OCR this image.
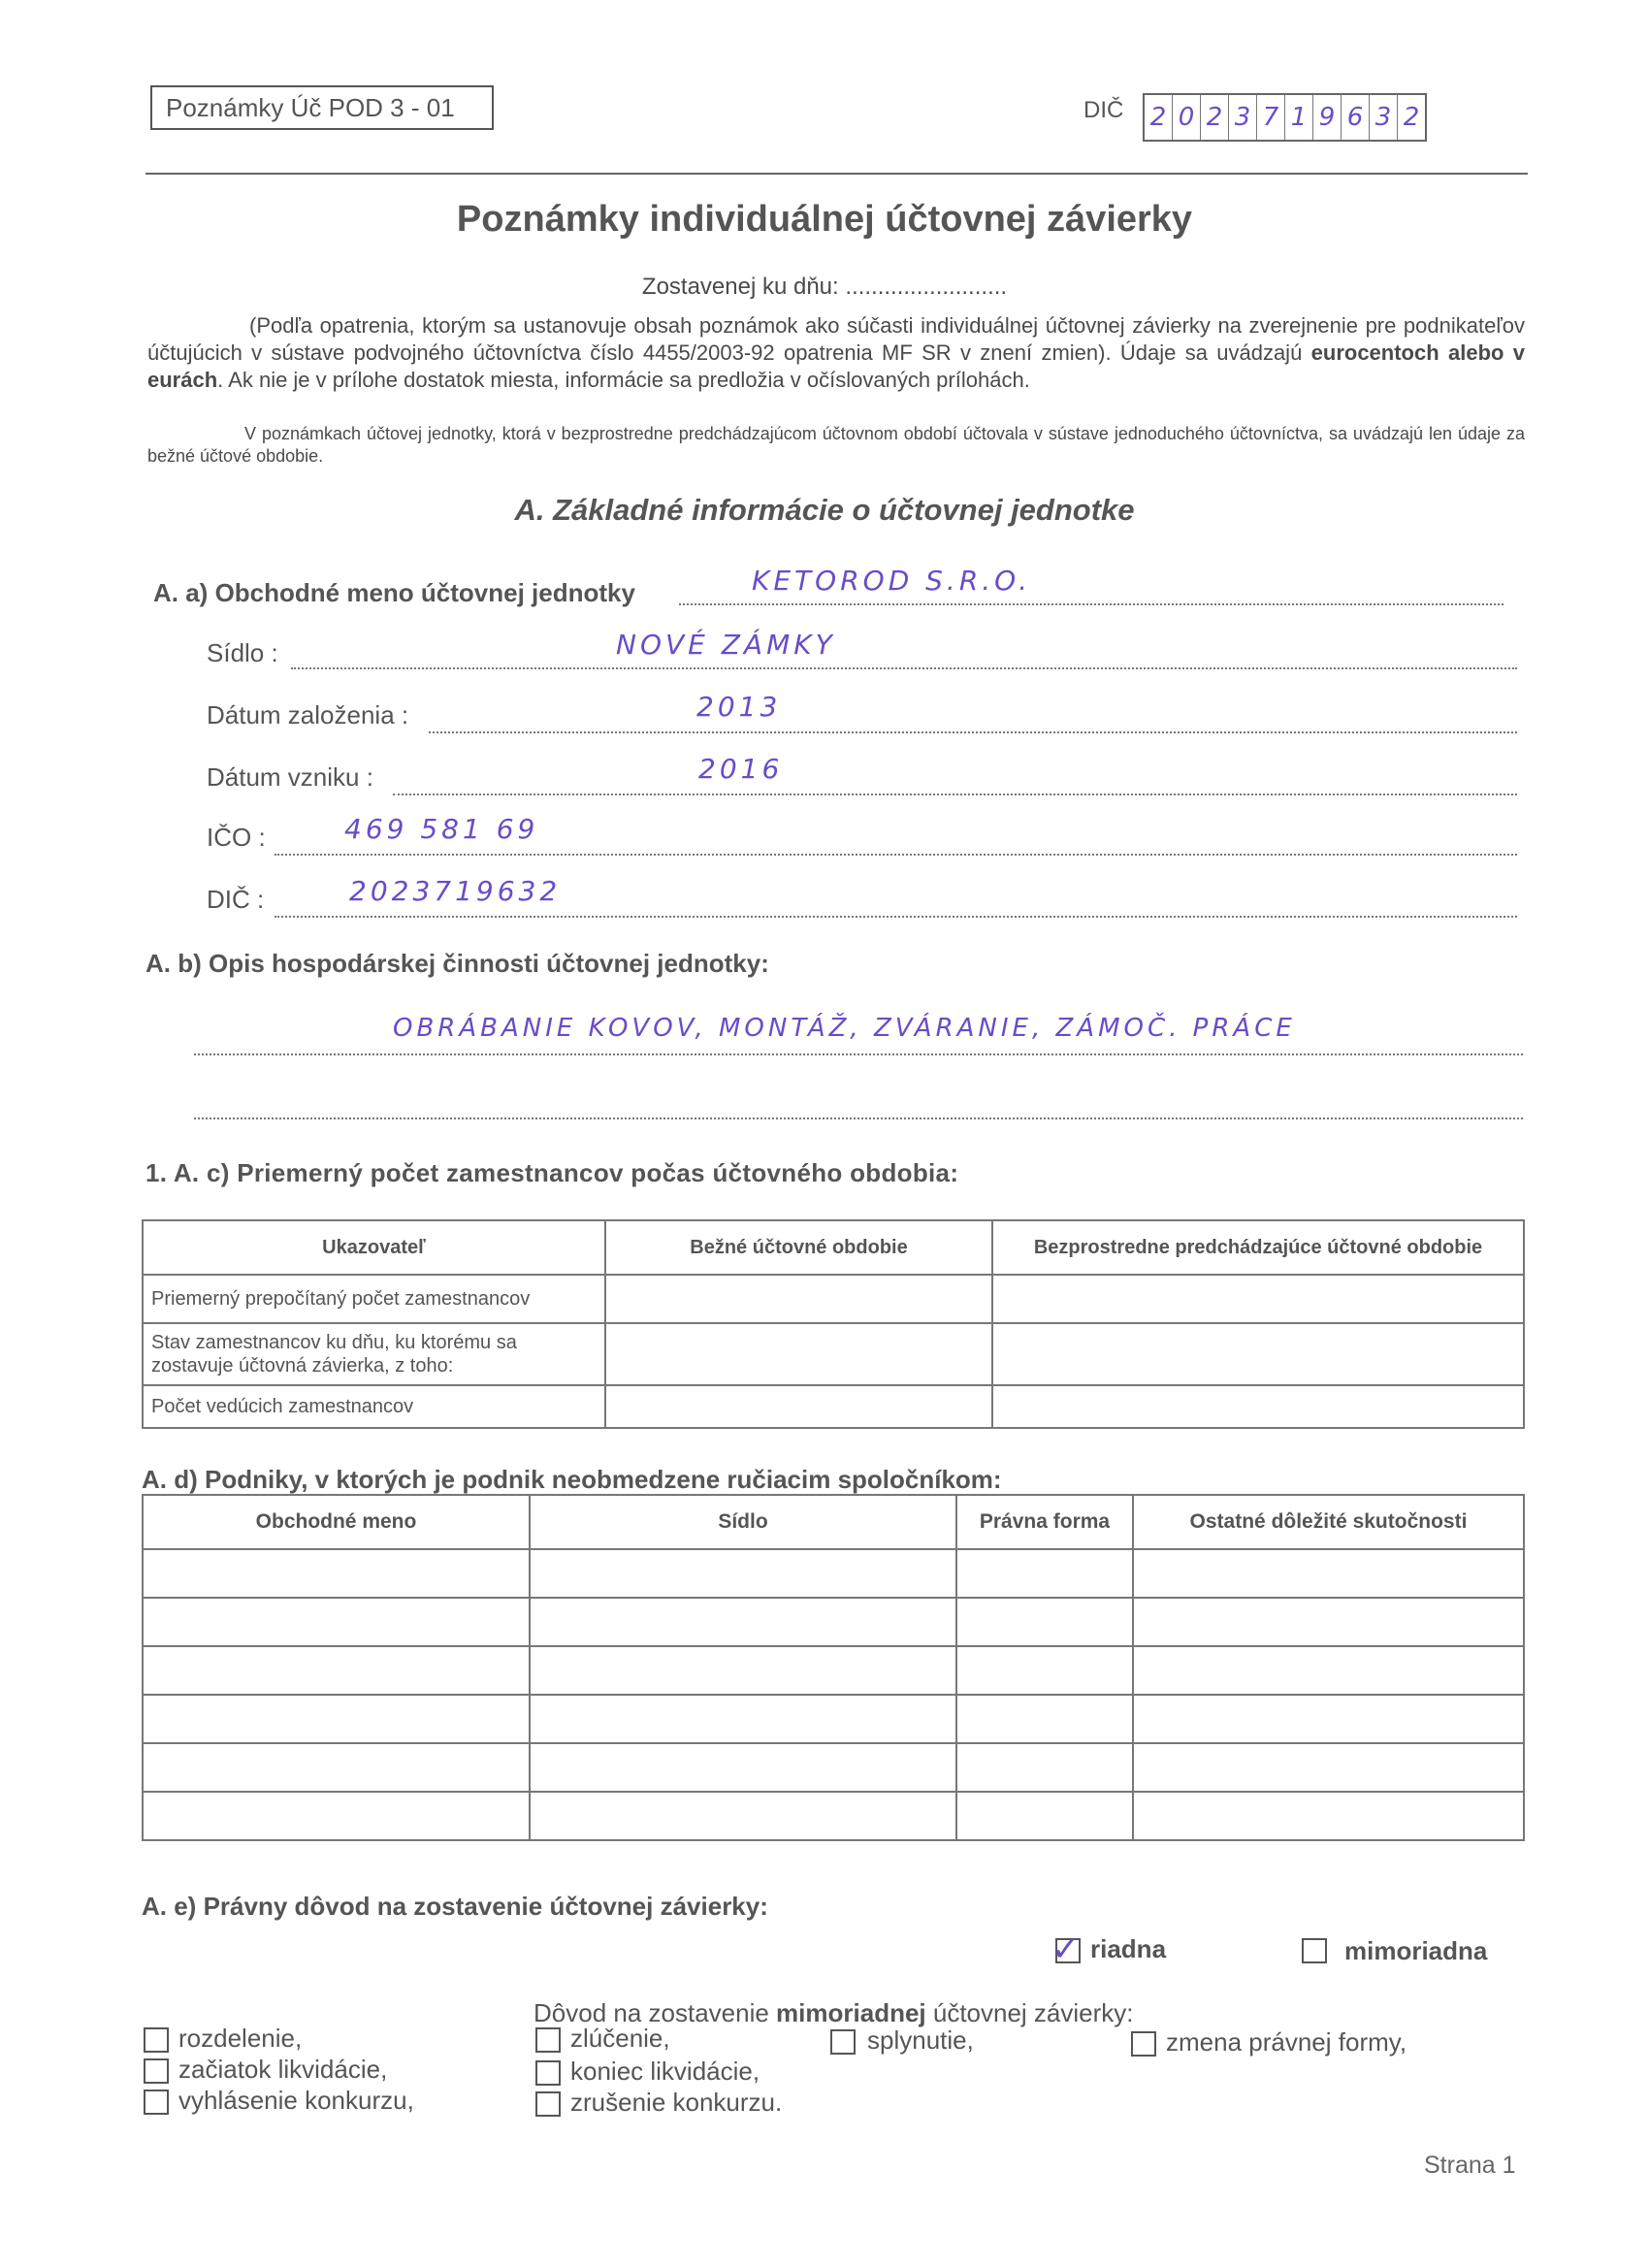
Poznámky Úč POD 3 - 01	DIČ 2 0 2 3 7 1 9 6 3 2
Poznámky individuálnej účtovnej závierky
Zostavenej ku dňu: .........................
(Podľa opatrenia, ktorým sa ustanovuje obsah poznámok ako súčasti individuálnej účtovnej závierky na zverejnenie pre podnikateľov účtujúcich v sústave podvojného účtovníctva číslo 4455/2003-92 opatrenia MF SR v znení zmien). Údaje sa uvádzajú eurocentoch alebo v eurách. Ak nie je v prílohe dostatok miesta, informácie sa predložia v očíslovaných prílohách.
V poznámkach účtovej jednotky, ktorá v bezprostredne predchádzajúcom účtovnom období účtovala v sústave jednoduchého účtovníctva, sa uvádzajú len údaje za bežné účtové obdobie.
A. Základné informácie o účtovnej jednotke
A. a) Obchodné meno účtovnej jednotky	KETOROD S.R.O.
Sídlo :	NOVÉ ZÁMKY
Dátum založenia :	2013
Dátum vzniku :	2016
IČO :	469 581 69
DIČ :	2023719632
A. b) Opis hospodárskej činnosti účtovnej jednotky:
OBRÁBANIE KOVOV, MONTÁŽ, ZVÁRANIE, ZÁMOČ. PRÁCE
1. A. c) Priemerný počet zamestnancov počas účtovného obdobia:
Ukazovateľ	Bežné účtovné obdobie	Bezprostredne predchádzajúce účtovné obdobie
Priemerný prepočítaný počet zamestnancov		
Stav zamestnancov ku dňu, ku ktorému sa zostavuje účtovná závierka, z toho:		
Počet vedúcich zamestnancov		
A. d) Podniky, v ktorých je podnik neobmedzene ručiacim spoločníkom:
Obchodné meno	Sídlo	Právna forma	Ostatné dôležité skutočnosti

A. e) Právny dôvod na zostavenie účtovnej závierky:
✓ riadna	mimoriadna
Dôvod na zostavenie mimoriadnej účtovnej závierky:
rozdelenie,
začiatok likvidácie,
vyhlásenie konkurzu,
zlúčenie,
koniec likvidácie,
zrušenie konkurzu.
splynutie,	zmena právnej formy,
Strana 1
